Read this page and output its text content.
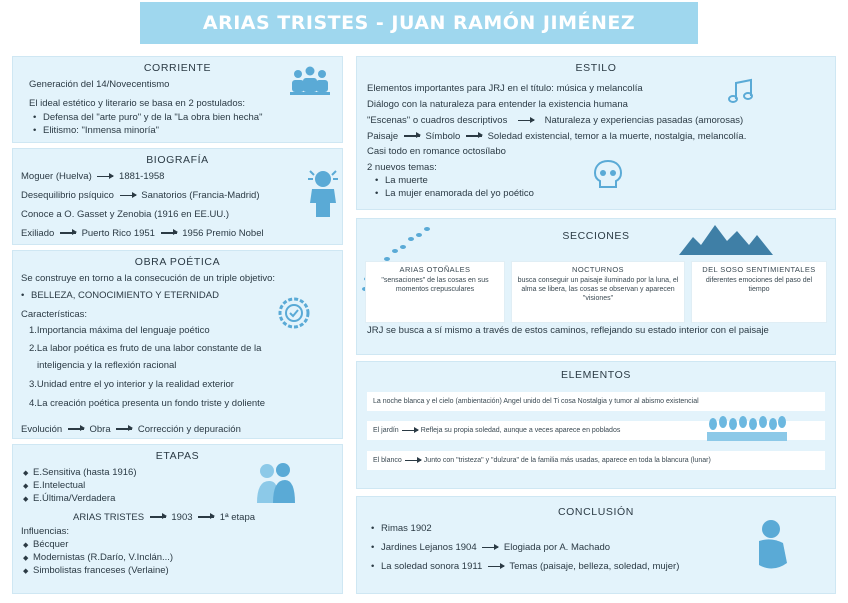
ARIAS TRISTES - JUAN RAMÓN JIMÉNEZ
CORRIENTE
Generación del 14/Novecentismo
El ideal estético y literario se basa en 2 postulados:
• Defensa del "arte puro" y de la "La obra bien hecha"
• Elitismo: "Inmensa minoría"
BIOGRAFÍA
Moguer (Huelva)	1881-1958
Desequilibrio psíquico	Sanatorios (Francia-Madrid)
Conoce a O. Gasset y Zenobia (1916 en EE.UU.)
Exiliado	Puerto Rico 1951	1956 Premio Nobel
OBRA POÉTICA
Se construye en torno a la consecución de un triple objetivo:
• BELLEZA, CONOCIMIENTO Y ETERNIDAD
Características:
1.Importancia máxima del lenguaje poético
2.La labor poética es fruto de una labor constante de la
inteligencia y la reflexión racional
3.Unidad entre el yo interior y la realidad exterior
4.La creación poética presenta un fondo triste y doliente
Evolución	Obra	Corrección y depuración
ETAPAS
◆ E.Sensitiva (hasta 1916)
◆ E.Intelectual
◆ E.Última/Verdadera
ARIAS TRISTES	1903	1ª etapa
Influencias:
◆ Bécquer
◆ Modernistas (R.Darío, V.Inclán...)
◆ Simbolistas franceses (Verlaine)
ESTILO
Elementos importantes para JRJ en el título: música y melancolía
Diálogo con la naturaleza para entender la existencia humana
"Escenas" o cuadros descriptivos	Naturaleza y experiencias pasadas (amorosas)
Paisaje	Símbolo	Soledad existencial, temor a la muerte, nostalgia, melancolía.
Casi todo en romance octosílabo
2 nuevos temas:
• La muerte
• La mujer enamorada del yo poético
SECCIONES
ARIAS OTOÑALES
"sensaciones" de las cosas en sus momentos crepusculares
NOCTURNOS
busca conseguir un paisaje iluminado por la luna, el alma se libera, las cosas se observan y aparecen "visiones"
DEL SOSO SENTIMIENTALES
diferentes emociones del paso del tiempo
JRJ se busca a sí mismo a través de estos caminos, reflejando su estado interior con el paisaje
ELEMENTOS
La noche blanca y el cielo (ambientación) Angel unido del Ti cosa Nostalgia y tumor al abismo existencial
El jardín	Refleja su propia soledad, aunque a veces aparece en poblados
El blanco	Junto con "tristeza" y "dulzura" de la familia más usadas, aparece en toda la blancura (lunar)
CONCLUSIÓN
• Rimas 1902
• Jardines Lejanos 1904	Elogiada por A. Machado
• La soledad sonora 1911	Temas (paisaje, belleza, soledad, mujer)
